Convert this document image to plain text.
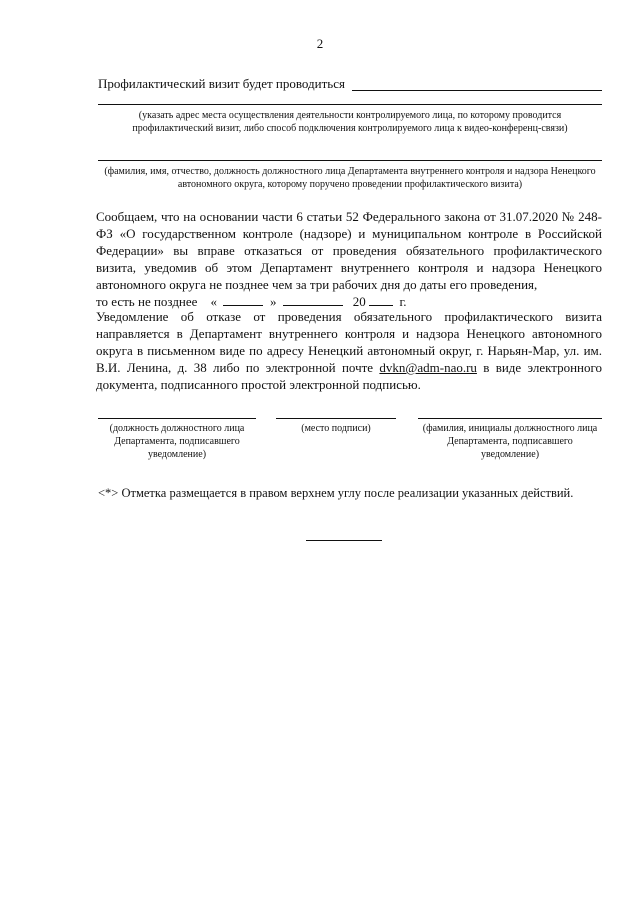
2
Профилактический визит будет проводиться
(указать адрес места осуществления деятельности контролируемого лица, по которому проводится профилактический визит, либо способ подключения контролируемого лица к видео-конференц-связи)
(фамилия, имя, отчество, должность должностного лица Департамента внутреннего контроля и надзора Ненецкого автономного округа, которому поручено проведении профилактического визита)

Сообщаем, что на основании части 6 статьи 52 Федерального закона от 31.07.2020 № 248-ФЗ «О государственном контроле (надзоре) и муниципальном контроле в Российской Федерации» вы вправе отказаться от проведения обязательного профилактического визита, уведомив об этом Департамент внутреннего контроля и надзора Ненецкого автономного округа не позднее чем за три рабочих дня до даты его проведения,

то есть не позднее «	»	20	г.

Уведомление об отказе от проведения обязательного профилактического визита направляется в Департамент внутреннего контроля и надзора Ненецкого автономного округа в письменном виде по адресу Ненецкий автономный округ, г. Нарьян-Мар, ул. им. В.И. Ленина, д. 38 либо по электронной почте dvkn@adm-nao.ru в виде электронного документа, подписанного простой электронной подписью.

(должность должностного лица Департамента, подписавшего уведомление)
(место подписи)	(фамилия, инициалы должностного лица Департамента, подписавшего уведомление)
<*> Отметка размещается в правом верхнем углу после реализации указанных действий.
